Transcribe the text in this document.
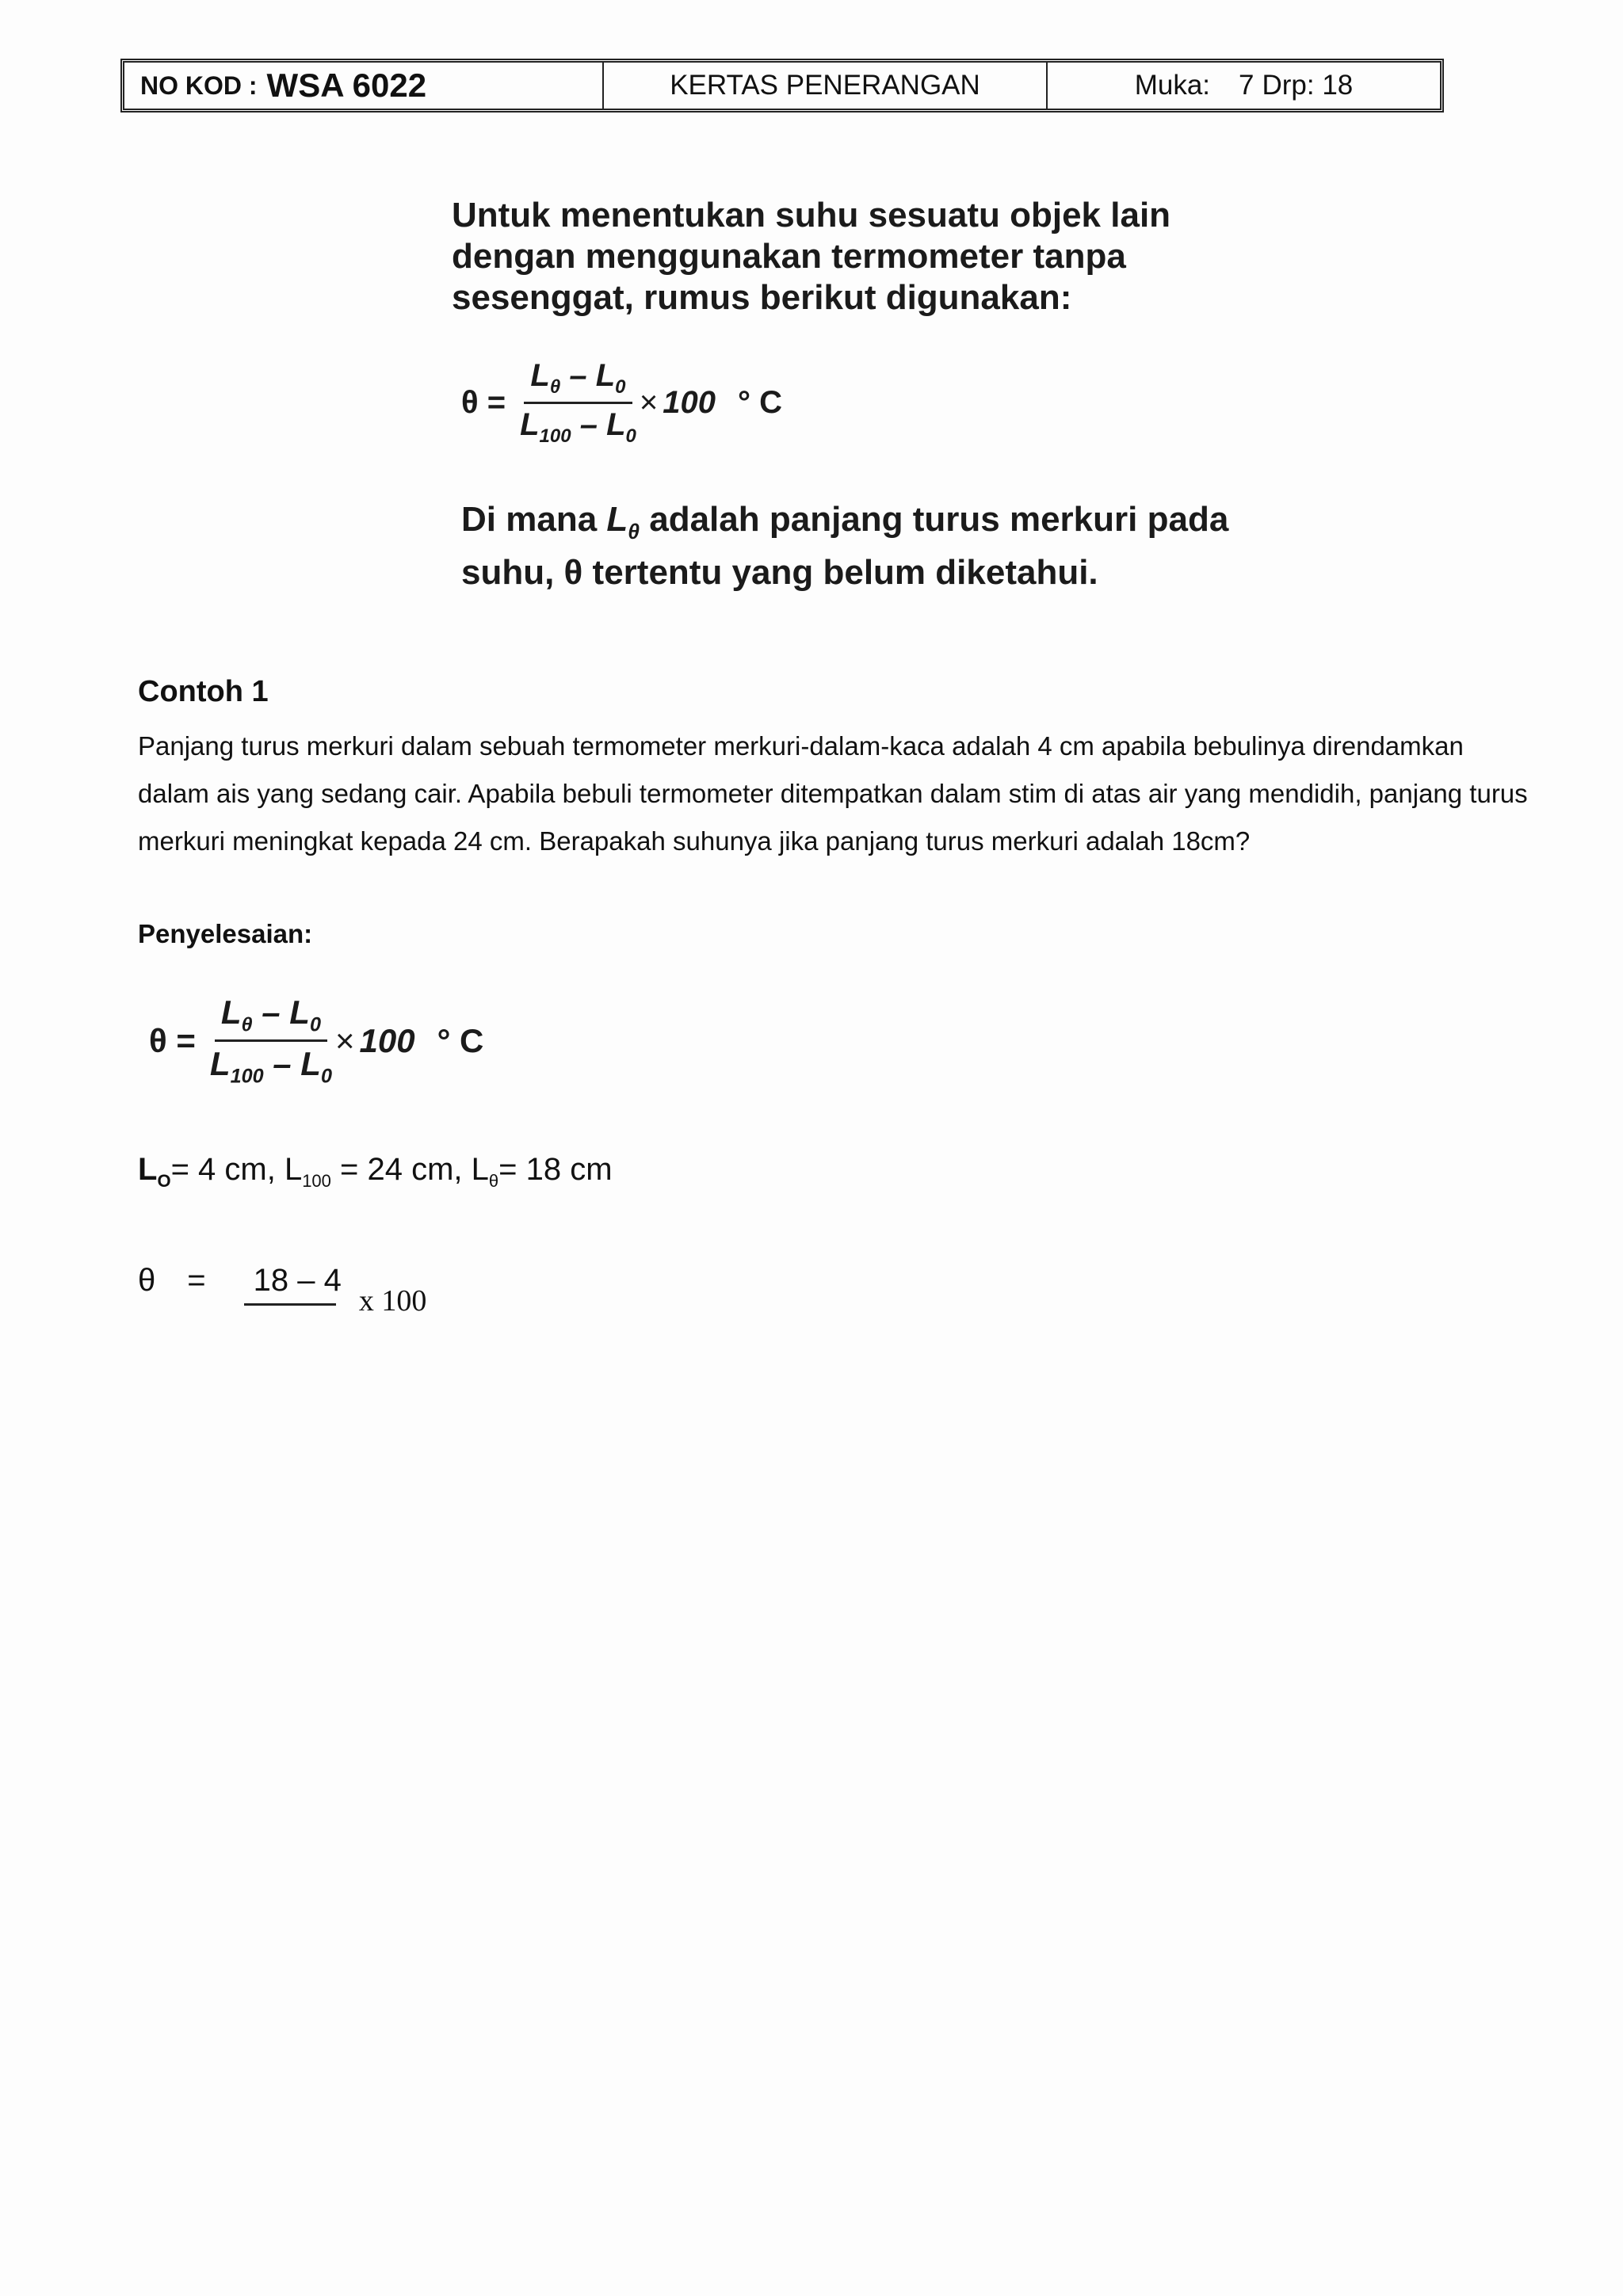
NO KOD : WSA 6022	KERTAS PENERANGAN	Muka: 7 Drp: 18
Untuk menentukan suhu sesuatu objek lain
dengan menggunakan termometer tanpa
sesenggat, rumus berikut digunakan:
$\theta = \frac{L_\theta - L_0}{L_{100} - L_0} \times 100$ ° C
Di mana $L_\theta$ adalah panjang turus merkuri pada
suhu, θ tertentu yang belum diketahui.
Contoh 1
Panjang turus merkuri dalam sebuah termometer merkuri-dalam-kaca adalah 4 cm apabila bebulinya direndamkan dalam ais yang sedang cair. Apabila bebuli termometer ditempatkan dalam stim di atas air yang mendidih, panjang turus merkuri meningkat kepada 24 cm. Berapakah suhunya jika panjang turus merkuri adalah 18cm?
Penyelesaian:
$\theta = \frac{L_\theta - L_0}{L_{100} - L_0} \times 100$ ° C
$L_O= 4$ cm, $L_{100} = 24$ cm, $L_\theta= 18$ cm
θ =	18 – 4
x 100
